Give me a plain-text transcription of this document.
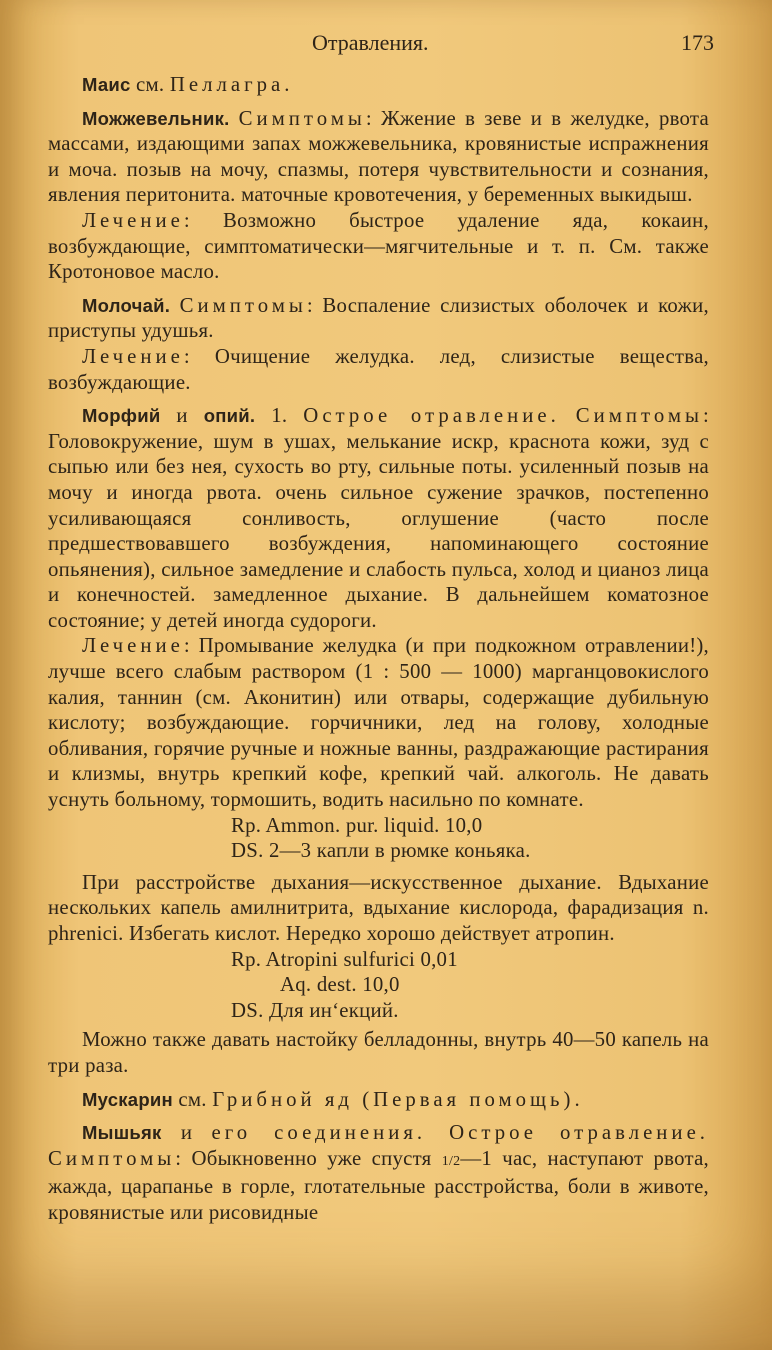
Отравления.	173

Маис см. Пеллагра.

Можжевельник. Симптомы: Жжение в зеве и в желудке, рвота массами, издающими запах можжевельника, кровянистые испражнения и моча. позыв на мочу, спазмы, потеря чувствительности и сознания, явления перитонита. маточные кровотечения, у беременных выкидыш.

Лечение: Возможно быстрое удаление яда, кокаин, возбуждающие, симптоматически—мягчительные и т. п. См. также Кротоновое масло.

Молочай. Симптомы: Воспаление слизистых оболочек и кожи, приступы удушья.

Лечение: Очищение желудка. лед, слизистые вещества, возбуждающие.

Морфий и опий. 1. Острое отравление. Симптомы: Головокружение, шум в ушах, мелькание искр, краснота кожи, зуд с сыпью или без нея, сухость во рту, сильные поты. усиленный позыв на мочу и иногда рвота. очень сильное сужение зрачков, постепенно усиливающаяся сонливость, оглушение (часто после предшествовавшего возбуждения, напоминающего состояние опьянения), сильное замедление и слабость пульса, холод и цианоз лица и конечностей. замедленное дыхание. В дальнейшем коматозное состояние; у детей иногда судороги.

Лечение: Промывание желудка (и при подкожном отравлении!), лучше всего слабым раствором (1 : 500 — 1000) марганцовокислого калия, таннин (см. Аконитин) или отвары, содержащие дубильную кислоту; возбуждающие. горчичники, лед на голову, холодные обливания, горячие ручные и ножные ванны, раздражающие растирания и клизмы, внутрь крепкий кофе, крепкий чай. алкоголь. Не давать уснуть больному, тормошить, водить насильно по комнате.

Rp. Ammon. pur. liquid. 10,0

DS. 2—3 капли в рюмке коньяка.

При расстройстве дыхания—искусственное дыхание. Вдыхание нескольких капель амилнитрита, вдыхание кислорода, фарадизация n. phrenici. Избегать кислот. Нередко хорошо действует атропин.

Rp. Atropini sulfurici 0,01

Aq. dest. 10,0

DS. Для ин‘екций.

Можно также давать настойку белладонны, внутрь 40—50 капель на три раза.

Мускарин см. Грибной яд (Первая помощь).

Мышьяк и его соединения. Острое отравление. Симптомы: Обыкновенно уже спустя 1/2—1 час, наступают рвота, жажда, царапанье в горле, глотательные расстройства, боли в животе, кровянистые или рисовидные
